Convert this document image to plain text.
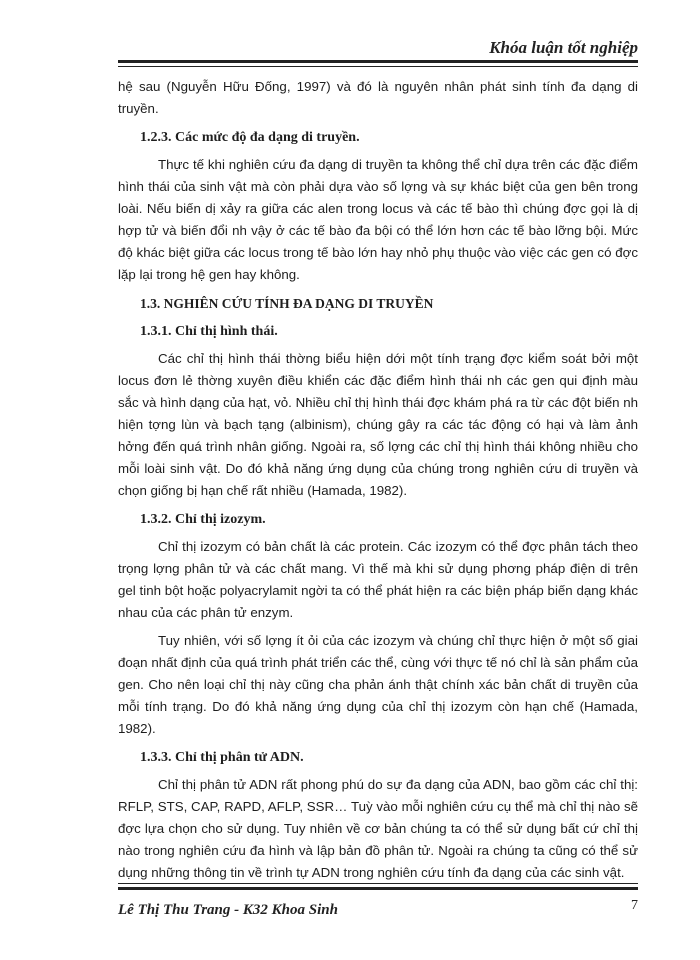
Khóa luận tốt nghiệp

hệ sau (Nguyễn Hữu Đống, 1997) và đó là nguyên nhân phát sinh tính đa dạng di truyền.

1.2.3. Các mức độ đa dạng di truyền.

Thực tế khi nghiên cứu đa dạng di truyền ta không thể chỉ dựa trên các đặc điểm hình thái của sinh vật mà còn phải dựa vào số lợng và sự khác biệt của gen bên trong loài. Nếu biến dị xảy ra giữa các alen trong locus và các tế bào thì chúng đợc gọi là dị hợp tử và biến đổi nh vậy ở các tế bào đa bội có thể lớn hơn các tế bào lỡng bội. Mức độ khác biệt giữa các locus trong tế bào lớn hay nhỏ phụ thuộc vào việc các gen có đợc lặp lại trong hệ gen hay không.

1.3. NGHIÊN CỨU TÍNH ĐA DẠNG DI TRUYỀN
1.3.1. Chỉ thị hình thái.

Các chỉ thị hình thái thờng biểu hiện dới một tính trạng đợc kiểm soát bởi một locus đơn lẻ thờng xuyên điều khiển các đặc điểm hình thái nh các gen qui định màu sắc và hình dạng của hạt, vỏ. Nhiều chỉ thị hình thái đợc khám phá ra từ các đột biến nh hiện tợng lùn và bạch tạng (albinism), chúng gây ra các tác động có hại và làm ảnh hởng đến quá trình nhân giống. Ngoài ra, số lợng các chỉ thị hình thái không nhiều cho mỗi loài sinh vật. Do đó khả năng ứng dụng của chúng trong nghiên cứu di truyền và chọn giống bị hạn chế rất nhiều (Hamada, 1982).

1.3.2. Chỉ thị izozym.

Chỉ thị izozym có bản chất là các protein. Các izozym có thể đợc phân tách theo trọng lợng phân tử và các chất mang. Vì thế mà khi sử dụng phơng pháp điện di trên gel tinh bột hoặc polyacrylamit ngời ta có thể phát hiện ra các biện pháp biến dạng khác nhau của các phân tử enzym.

Tuy nhiên, với số lợng ít ỏi của các izozym và chúng chỉ thực hiện ở một số giai đoạn nhất định của quá trình phát triển các thể, cùng với thực tế nó chỉ là sản phẩm của gen. Cho nên loại chỉ thị này cũng cha phản ánh thật chính xác bản chất di truyền của mỗi tính trạng. Do đó khả năng ứng dụng của chỉ thị izozym còn hạn chế (Hamada, 1982).

1.3.3. Chỉ thị phân tử ADN.

Chỉ thị phân tử ADN rất phong phú do sự đa dạng của ADN, bao gồm các chỉ thị: RFLP, STS, CAP, RAPD, AFLP, SSR… Tuỳ vào mỗi nghiên cứu cụ thể mà chỉ thị nào sẽ đợc lựa chọn cho sử dụng. Tuy nhiên về cơ bản chúng ta có thể sử dụng bất cứ chỉ thị nào trong nghiên cứu đa hình và lập bản đồ phân tử. Ngoài ra chúng ta cũng có thể sử dụng những thông tin về trình tự ADN trong nghiên cứu tính đa dạng của các sinh vật.

Lê Thị Thu Trang - K32 Khoa Sinh	7
